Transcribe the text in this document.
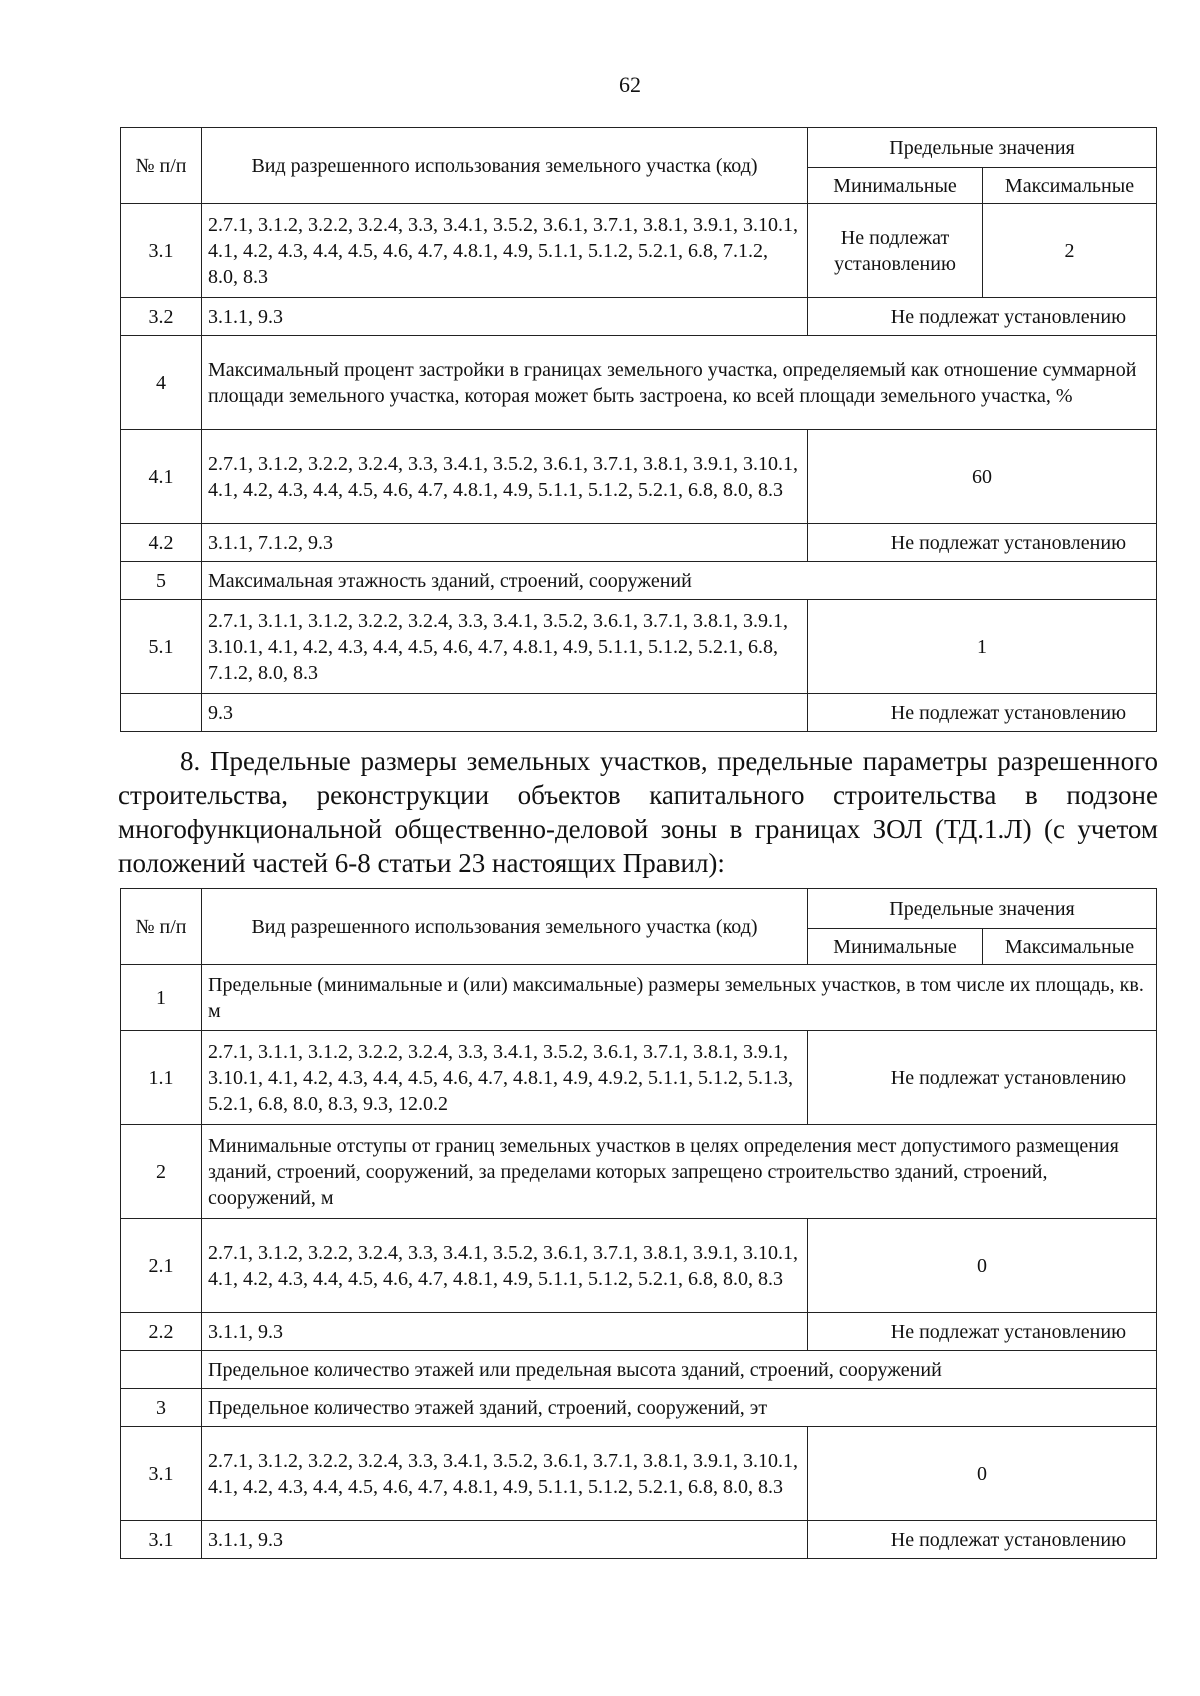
62
№ п/п	Вид разрешенного использования земельного участка (код)	Предельные значения	
		Минимальные	Максимальные
3.1	2.7.1, 3.1.2, 3.2.2, 3.2.4, 3.3, 3.4.1, 3.5.2, 3.6.1, 3.7.1, 3.8.1, 3.9.1, 3.10.1, 4.1, 4.2, 4.3, 4.4, 4.5, 4.6, 4.7, 4.8.1, 4.9, 5.1.1, 5.1.2, 5.2.1, 6.8, 7.1.2, 8.0, 8.3	Не подлежат установлению	2
3.2	3.1.1, 9.3	Не подлежат установлению	
4	Максимальный процент застройки в границах земельного участка, определяемый как отношение суммарной площади земельного участка, которая может быть застроена, ко всей площади земельного участка, %		
4.1	2.7.1, 3.1.2, 3.2.2, 3.2.4, 3.3, 3.4.1, 3.5.2, 3.6.1, 3.7.1, 3.8.1, 3.9.1, 3.10.1, 4.1, 4.2, 4.3, 4.4, 4.5, 4.6, 4.7, 4.8.1, 4.9, 5.1.1, 5.1.2, 5.2.1, 6.8, 8.0, 8.3	60	
4.2	3.1.1, 7.1.2, 9.3	Не подлежат установлению	
5	Максимальная этажность зданий, строений, сооружений		
5.1	2.7.1, 3.1.1, 3.1.2, 3.2.2, 3.2.4, 3.3, 3.4.1, 3.5.2, 3.6.1, 3.7.1, 3.8.1, 3.9.1, 3.10.1, 4.1, 4.2, 4.3, 4.4, 4.5, 4.6, 4.7, 4.8.1, 4.9, 5.1.1, 5.1.2, 5.2.1, 6.8, 7.1.2, 8.0, 8.3	1	
	9.3	Не подлежат установлению	

8. Предельные размеры земельных участков, предельные параметры разрешенного строительства, реконструкции объектов капитального строительства в подзоне многофункциональной общественно-деловой зоны в границах ЗОЛ (ТД.1.Л) (с учетом положений частей 6-8 статьи 23 настоящих Правил):

№ п/п	Вид разрешенного использования земельного участка (код)	Предельные значения	
		Минимальные	Максимальные
1	Предельные (минимальные и (или) максимальные) размеры земельных участков, в том числе их площадь, кв. м		
1.1	2.7.1, 3.1.1, 3.1.2, 3.2.2, 3.2.4, 3.3, 3.4.1, 3.5.2, 3.6.1, 3.7.1, 3.8.1, 3.9.1, 3.10.1, 4.1, 4.2, 4.3, 4.4, 4.5, 4.6, 4.7, 4.8.1, 4.9, 4.9.2, 5.1.1, 5.1.2, 5.1.3, 5.2.1, 6.8, 8.0, 8.3, 9.3, 12.0.2	Не подлежат установлению	
2	Минимальные отступы от границ земельных участков в целях определения мест допустимого размещения зданий, строений, сооружений, за пределами которых запрещено строительство зданий, строений, сооружений, м		
2.1	2.7.1, 3.1.2, 3.2.2, 3.2.4, 3.3, 3.4.1, 3.5.2, 3.6.1, 3.7.1, 3.8.1, 3.9.1, 3.10.1, 4.1, 4.2, 4.3, 4.4, 4.5, 4.6, 4.7, 4.8.1, 4.9, 5.1.1, 5.1.2, 5.2.1, 6.8, 8.0, 8.3	0	
2.2	3.1.1, 9.3	Не подлежат установлению	
	Предельное количество этажей или предельная высота зданий, строений, сооружений		
3	Предельное количество этажей зданий, строений, сооружений, эт		
3.1	2.7.1, 3.1.2, 3.2.2, 3.2.4, 3.3, 3.4.1, 3.5.2, 3.6.1, 3.7.1, 3.8.1, 3.9.1, 3.10.1, 4.1, 4.2, 4.3, 4.4, 4.5, 4.6, 4.7, 4.8.1, 4.9, 5.1.1, 5.1.2, 5.2.1, 6.8, 8.0, 8.3	0	
3.1	3.1.1, 9.3	Не подлежат установлению	
